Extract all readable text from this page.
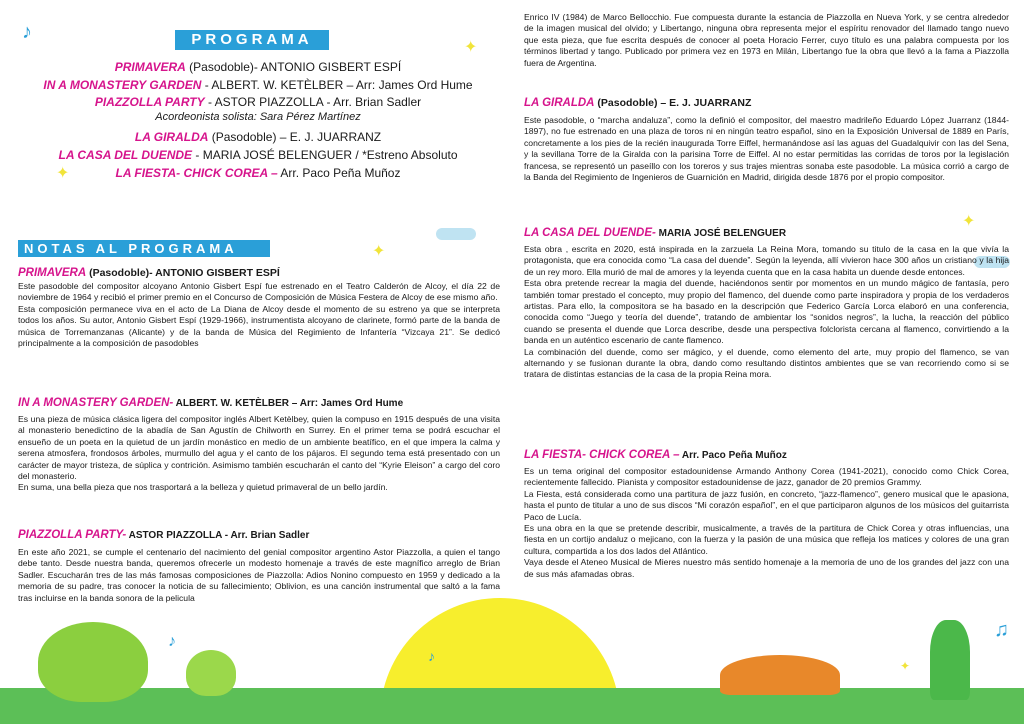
♪
♪
♪
♫
✦
✦
✦
✦
✦
PROGRAMA
PRIMAVERA (Pasodoble)- ANTONIO GISBERT ESPÍ
IN A MONASTERY GARDEN - ALBERT. W. KETÈLBER – Arr: James Ord Hume
PIAZZOLLA PARTY - ASTOR PIAZZOLLA - Arr. Brian Sadler
Acordeonista solista: Sara Pérez Martínez
LA GIRALDA (Pasodoble) – E. J. JUARRANZ
LA CASA DEL DUENDE - MARIA JOSÉ BELENGUER / *Estreno Absoluto
LA FIESTA- CHICK COREA – Arr. Paco Peña Muñoz
NOTAS AL PROGRAMA
PRIMAVERA (Pasodoble)- ANTONIO GISBERT ESPÍ

Este pasodoble del compositor alcoyano Antonio Gisbert Espí fue estrenado en el Teatro Calderón de Alcoy, el día 22 de noviembre de 1964 y recibió el primer premio en el Concurso de Composición de Música Festera de Alcoy de ese mismo año.
Esta composición permanece viva en el acto de La Diana de Alcoy desde el momento de su estreno ya que se interpreta todos los años. Su autor, Antonio Gisbert Espí (1929-1966), instrumentista alcoyano de clarinete, formó parte de la banda de música de Torremanzanas (Alicante) y de la banda de Música del Regimiento de Infantería “Vizcaya 21”. Se dedicó principalmente a la composición de pasodobles

IN A MONASTERY GARDEN- ALBERT. W. KETÈLBER – Arr: James Ord Hume

Es una pieza de música clásica ligera del compositor inglés Albert Ketèlbey, quien la compuso en 1915 después de una visita al monasterio benedictino de la abadía de San Agustín de Chilworth en Surrey. En el primer tema se podrá escuchar el ensueño de un poeta en la quietud de un jardín monástico en medio de un ambiente beatífico, en el que impera la calma y serena atmosfera, frondosos árboles, murmullo del agua y el canto de los pájaros. El segundo tema está presentado con un carácter de mayor tristeza, de súplica y contrición. Asimismo también escucharán el canto del “Kyrie Eleison” a cargo del coro del monasterio.
En suma, una bella pieza que nos trasportará a la belleza y quietud primaveral de un bello jardín.

PIAZZOLLA PARTY- ASTOR PIAZZOLLA - Arr. Brian Sadler

En este año 2021, se cumple el centenario del nacimiento del genial compositor argentino Astor Piazzolla, a quien el tango debe tanto. Desde nuestra banda, queremos ofrecerle un modesto homenaje a través de este magnífico arreglo de Brian Sadler. Escucharán tres de las más famosas composiciones de Piazzolla: Adios Nonino compuesto en 1959 y dedicado a la memoria de su padre, tras conocer la noticia de su fallecimiento; Oblivion, es una canción instrumental que saltó a la fama tras incluirse en la banda sonora de la pelicula

Enrico IV (1984) de Marco Bellocchio. Fue compuesta durante la estancia de Piazzolla en Nueva York, y se centra alrededor de la imagen musical del olvido; y Libertango, ninguna obra representa mejor el espíritu renovador del llamado tango nuevo que esta pieza, que fue escrita después de conocer al poeta Horacio Ferrer, cuyo título es una palabra compuesta por los términos libertad y tango. Publicado por primera vez en 1973 en Milán, Libertango fue la obra que llevó a la fama a Piazzolla fuera de Argentina.

LA GIRALDA (Pasodoble) – E. J. JUARRANZ

Este pasodoble, o “marcha andaluza”, como la definió el compositor, del maestro madrileño Eduardo López Juarranz (1844-1897), no fue estrenado en una plaza de toros ni en ningún teatro español, sino en la Exposición Universal de 1889 en París, concretamente a los pies de la recién inaugurada Torre Eiffel, hermanándose así las aguas del Guadalquivir con las del Sena, y la sevillana Torre de la Giralda con la parisina Torre de Eiffel. Al no estar permitidas las corridas de toros por la legislación francesa, se representó un paseíllo con los toreros y sus trajes mientras sonaba este pasodoble. La música corrió a cargo de la Banda del Regimiento de Ingenieros de Guarnición en Madrid, dirigida desde 1876 por el propio compositor.

LA CASA DEL DUENDE- MARIA JOSÉ BELENGUER

Esta obra , escrita en 2020, está inspirada en la zarzuela La Reina Mora, tomando su titulo de la casa en la que vivía la protagonista, que era conocida como “La casa del duende”. Según la leyenda, allí vivieron hace 300 años un cristiano y la hija de un rey moro. Ella murió de mal de amores y la leyenda cuenta que en la casa habita un duende desde entonces.
Esta obra pretende recrear la magia del duende, haciéndonos sentir por momentos en un mundo mágico de fantasía, pero también tomar prestado el concepto, muy propio del flamenco, del duende como parte inspiradora y propia de los verdaderos artistas. Para ello, la compositora se ha basado en la descripción que Federico García Lorca elaboró en una conferencia, conocida como “Juego y teoría del duende”, tratando de ambientar los “sonidos negros”, la lucha, la reacción del público cuando se presenta el duende que Lorca describe, desde una perspectiva folclorista cercana al flamenco, convirtiendo a la banda en un auténtico escenario de cante flamenco.
La combinación del duende, como ser mágico, y el duende, como elemento del arte, muy propio del flamenco, se van alternando y se fusionan durante la obra, dando como resultando distintos ambientes que se van recorriendo como si se tratara de distintas estancias de la casa de la propia Reina mora.

LA FIESTA- CHICK COREA – Arr. Paco Peña Muñoz

Es un tema original del compositor estadounidense Armando Anthony Corea (1941-2021), conocido como Chick Corea, recientemente fallecido. Pianista y compositor estadounidense de jazz, ganador de 20 premios Grammy.
La Fiesta, está considerada como una partitura de jazz fusión, en concreto, “jazz-flamenco”, genero musical que le apasiona, hasta el punto de titular a uno de sus discos “Mi corazón español”, en el que participaron algunos de los músicos del guitarrista Paco de Lucía.
Es una obra en la que se pretende describir, musicalmente, a través de la partitura de Chick Corea y otras influencias, una fiesta en un cortijo andaluz o mejicano, con la fuerza y la pasión de una música que refleja los matices y colores de una gran cultura, compartida a los dos lados del Atlántico.
Vaya desde el Ateneo Musical de Mieres nuestro más sentido homenaje a la memoria de uno de los grandes del jazz con una de sus más afamadas obras.
